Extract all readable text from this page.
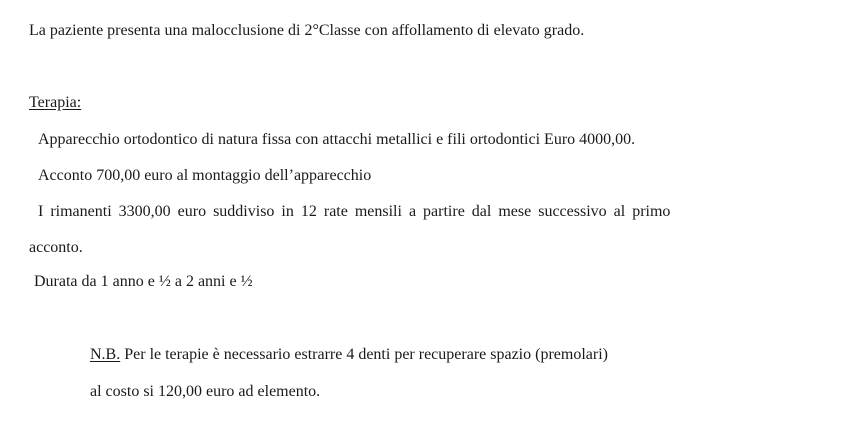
La paziente presenta una malocclusione di 2°Classe con affollamento di elevato grado.
Terapia:
Apparecchio ortodontico di natura fissa con attacchi metallici e fili ortodontici Euro 4000,00.
Acconto 700,00 euro al montaggio dell’apparecchio
I rimanenti 3300,00 euro suddiviso in 12 rate mensili a partire dal mese successivo al primo
acconto.
Durata da 1 anno e ½ a 2 anni e ½
N.B. Per le terapie è necessario estrarre 4 denti per recuperare spazio (premolari)
al costo si 120,00 euro ad elemento.
